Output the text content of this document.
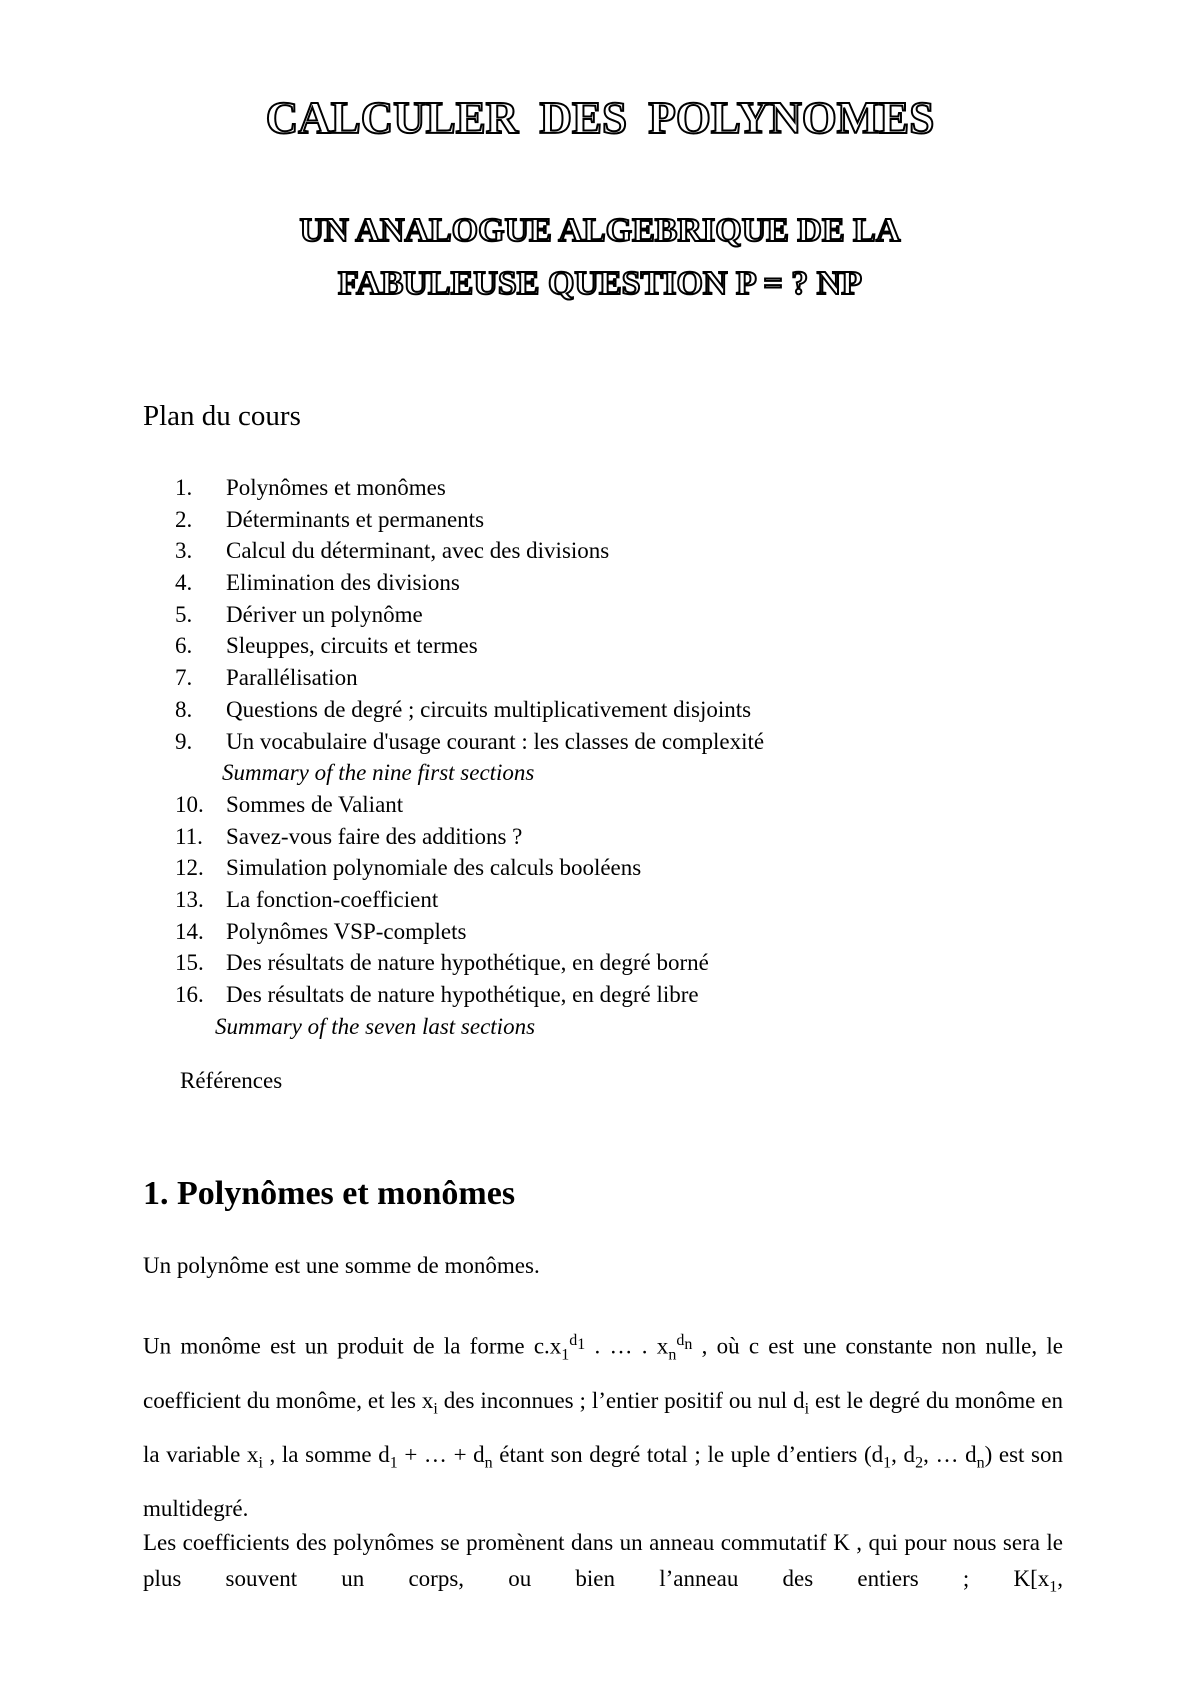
CALCULER DES POLYNOMES
UN ANALOGUE ALGEBRIQUE DE LA
FABULEUSE QUESTION P = ? NP
Plan du cours
1. Polynômes et monômes
2. Déterminants et permanents
3. Calcul du déterminant, avec des divisions
4. Elimination des divisions
5. Dériver un polynôme
6. Sleuppes, circuits et termes
7. Parallélisation
8. Questions de degré ; circuits multiplicativement disjoints
9. Un vocabulaire d'usage courant : les classes de complexité
Summary of the nine first sections
10. Sommes de Valiant
11. Savez-vous faire des additions ?
12. Simulation polynomiale des calculs booléens
13. La fonction-coefficient
14. Polynômes VSP-complets
15. Des résultats de nature hypothétique, en degré borné
16. Des résultats de nature hypothétique, en degré libre
Summary of the seven last sections
Références
1. Polynômes et monômes
Un polynôme est une somme de monômes.
Un monôme est un produit de la forme $c.x_1^{d_1}$ . … . $x_n^{d_n}$ , où c est une constante non nulle, le coefficient du monôme, et les $x_i$ des inconnues ; l’entier positif ou nul $d_i$ est le degré du monôme en la variable $x_i$ , la somme $d_1$ + … + $d_n$ étant son degré total ; le uple d’entiers ($d_1$, $d_2$, … $d_n$) est son multidegré.
Les coefficients des polynômes se promènent dans un anneau commutatif K , qui pour nous sera le plus souvent un corps, ou bien l’anneau des entiers ; $K[x_1$,
